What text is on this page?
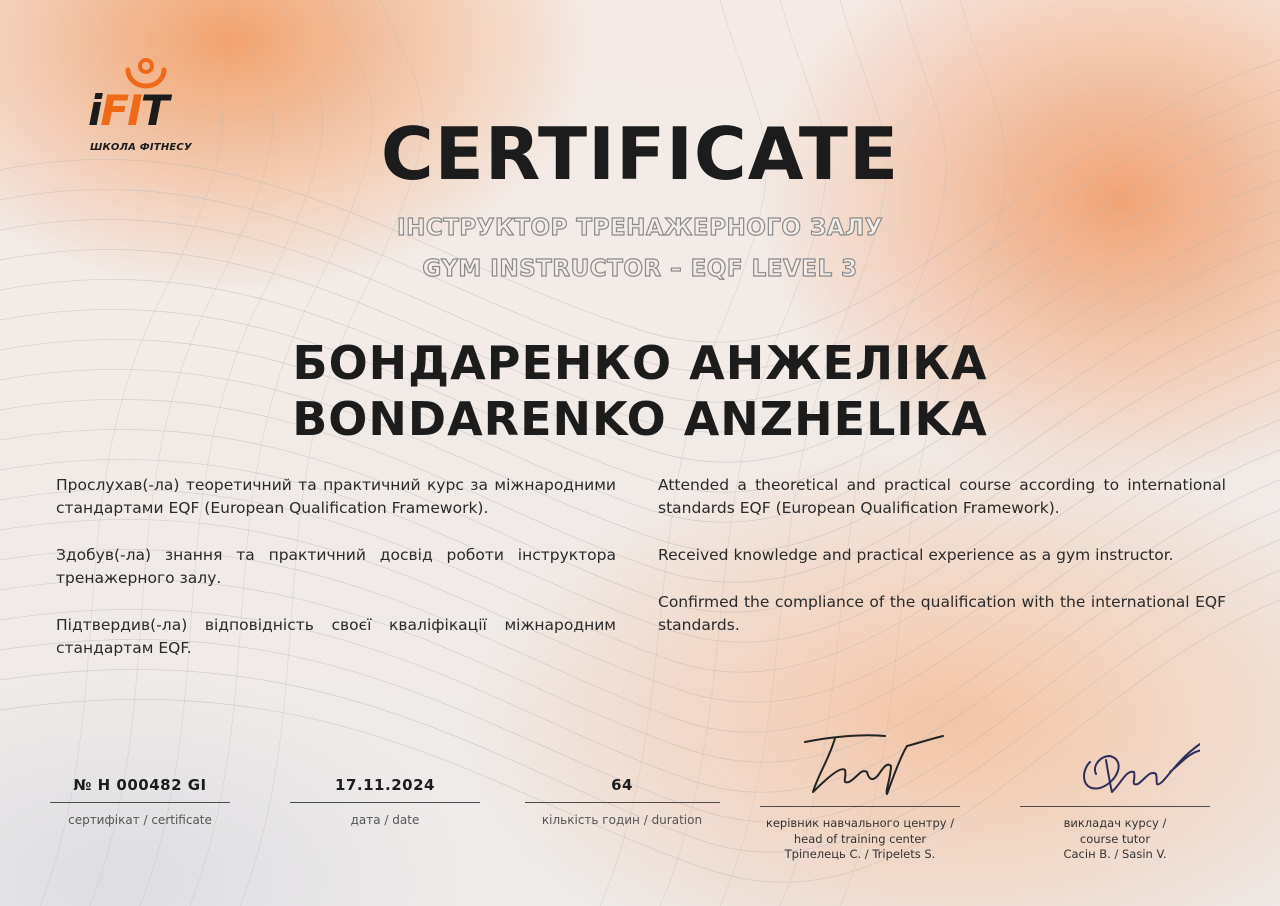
iFIT
ШКОЛА ФІТНЕСУ	CERTIFICATE
ІНСТРУКТОР ТРЕНАЖЕРНОГО ЗАЛУ
GYM INSTRUCTOR – EQF LEVEL 3
БОНДАРЕНКО АНЖЕЛІКА
BONDARENKO ANZHELIKA

Прослухав(-ла) теоретичний та практичний курс за міжнародними стандартами EQF (European Qualification Framework).

Здобув(-ла) знання та практичний досвід роботи інструктора тренажерного залу.

Підтвердив(-ла) відповідність своєї кваліфікації міжнародним стандартам EQF.

Attended a theoretical and practical course according to international standards EQF (European Qualification Framework).

Received knowledge and practical experience as a gym instructor.

Confirmed the compliance of the qualification with the international EQF standards.

№ H 000482 GI
сертифікат / certificate
17.11.2024
дата / date
64
кількість годин / duration	керівник навчального центру /
head of training center
Трiпелець С. / Tripelets S.
викладач курсу /
course tutor
Сасін В. / Sasin V.
